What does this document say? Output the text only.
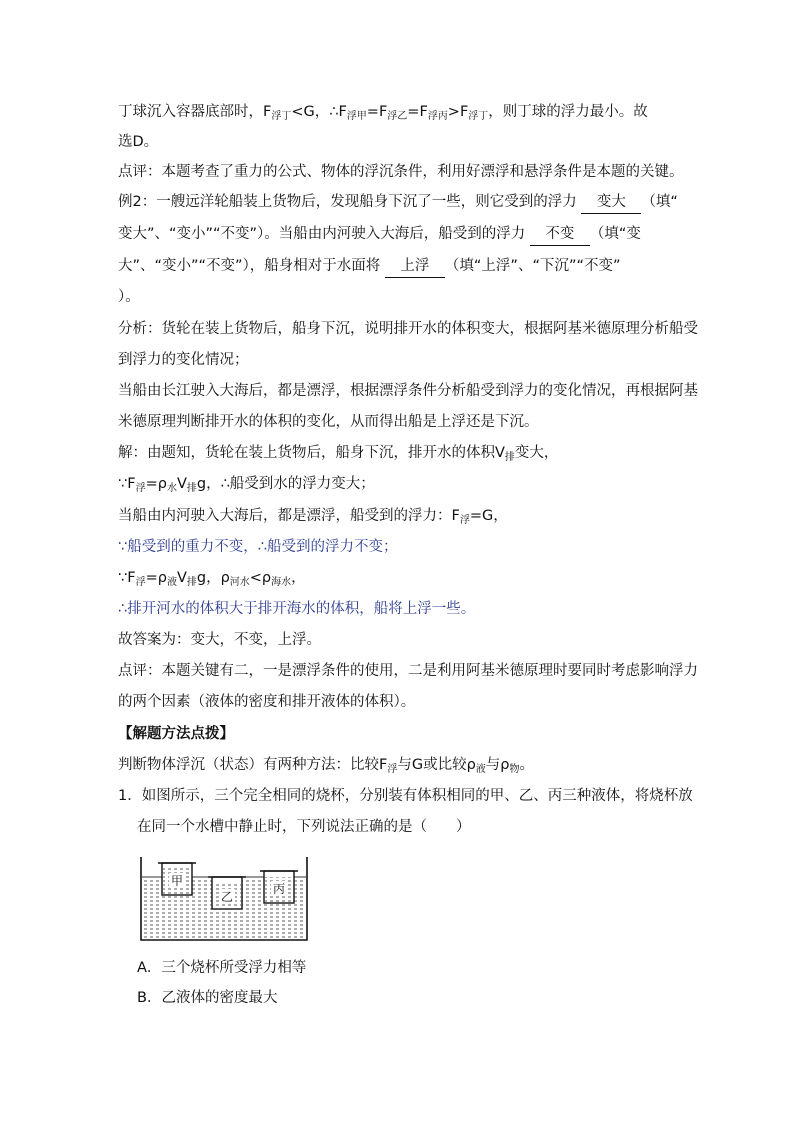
丁球沉入容器底部时，$F_{浮丁}<G$，$\therefore F_{浮甲}=F_{浮乙}=F_{浮丙}>F_{浮丁}$，则丁球的浮力最小。故
选D。
点评：本题考查了重力的公式、物体的浮沉条件，利用好漂浮和悬浮条件是本题的关键。
例2：一艘远洋轮船装上货物后，发现船身下沉了一些，则它受到的浮力 变大 （填“
变大”、“变小”“不变”）。当船由内河驶入大海后，船受到的浮力 不变 （填“变
大”、“变小”“不变”），船身相对于水面将 上浮 （填“上浮”、“下沉”“不变”
）。
分析：货轮在装上货物后，船身下沉，说明排开水的体积变大，根据阿基米德原理分析船受
到浮力的变化情况；
当船由长江驶入大海后，都是漂浮，根据漂浮条件分析船受到浮力的变化情况，再根据阿基
米德原理判断排开水的体积的变化，从而得出船是上浮还是下沉。
解：由题知，货轮在装上货物后，船身下沉，排开水的体积$V_排$变大，
$\because F_浮=\rho_水V_排g$，∴船受到水的浮力变大；
当船由内河驶入大海后，都是漂浮，船受到的浮力：$F_浮=G$，
∵船受到的重力不变，∴船受到的浮力不变；
$\because F_浮=\rho_液V_排g$，$\rho_{河水}<\rho_{海水}$，
∴排开河水的体积大于排开海水的体积，船将上浮一些。
故答案为：变大，不变，上浮。
点评：本题关键有二，一是漂浮条件的使用，二是利用阿基米德原理时要同时考虑影响浮力
的两个因素（液体的密度和排开液体的体积）。
【解题方法点拨】
判断物体浮沉（状态）有两种方法：比较$F_浮$与G或比较$\rho_液$与$\rho_物$。
1．如图所示，三个完全相同的烧杯，分别装有体积相同的甲、乙、丙三种液体，将烧杯放
在同一个水槽中静止时，下列说法正确的是（　　）
甲
乙
丙
A．三个烧杯所受浮力相等
B．乙液体的密度最大
